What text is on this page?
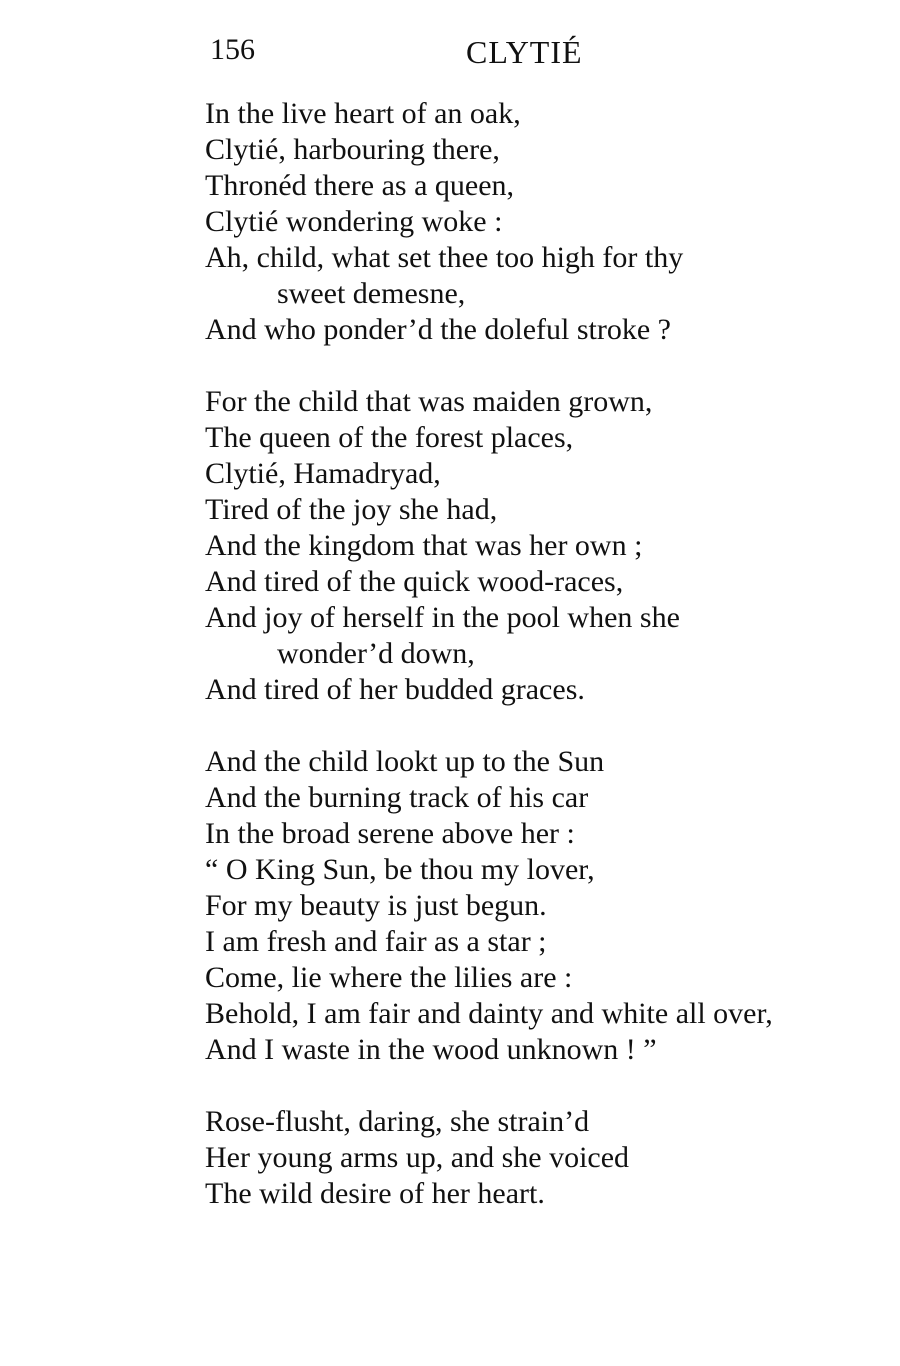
156	CLYTIÉ
In the live heart of an oak,
Clytié, harbouring there,
Thronéd there as a queen,
Clytié wondering woke :
Ah, child, what set thee too high for thy
sweet demesne,
And who ponder’d the doleful stroke ?
For the child that was maiden grown,
The queen of the forest places,
Clytié, Hamadryad,
Tired of the joy she had,
And the kingdom that was her own ;
And tired of the quick wood-races,
And joy of herself in the pool when she
wonder’d down,
And tired of her budded graces.
And the child lookt up to the Sun
And the burning track of his car
In the broad serene above her :
“ O King Sun, be thou my lover,
For my beauty is just begun.
I am fresh and fair as a star ;
Come, lie where the lilies are :
Behold, I am fair and dainty and white all over,
And I waste in the wood unknown ! ”
Rose-flusht, daring, she strain’d
Her young arms up, and she voiced
The wild desire of her heart.
